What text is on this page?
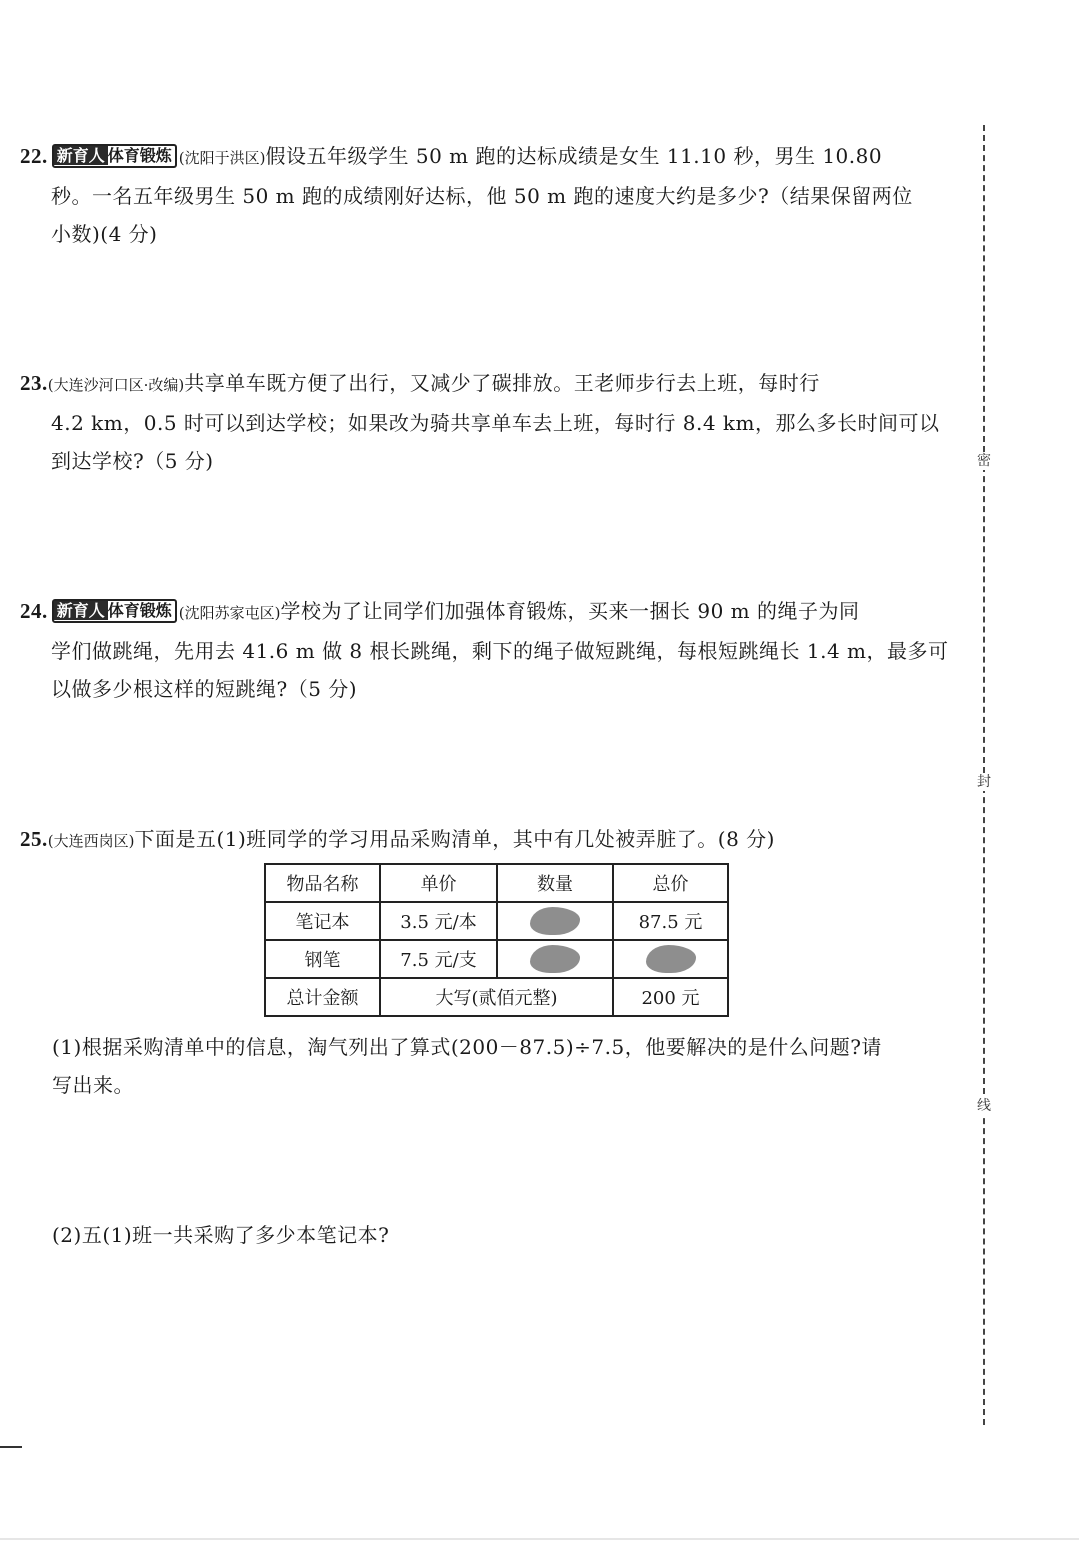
22. 新育人 体育锻炼 (沈阳于洪区)假设五年级学生 50 m 跑的达标成绩是女生 11.10 秒，男生 10.80
秒。一名五年级男生 50 m 跑的成绩刚好达标，他 50 m 跑的速度大约是多少?（结果保留两位
小数)(4 分)
23.(大连沙河口区·改编)共享单车既方便了出行，又减少了碳排放。王老师步行去上班，每时行
4.2 km，0.5 时可以到达学校；如果改为骑共享单车去上班，每时行 8.4 km，那么多长时间可以
到达学校?（5 分)
24. 新育人 体育锻炼 (沈阳苏家屯区)学校为了让同学们加强体育锻炼，买来一捆长 90 m 的绳子为同
学们做跳绳，先用去 41.6 m 做 8 根长跳绳，剩下的绳子做短跳绳，每根短跳绳长 1.4 m，最多可
以做多少根这样的短跳绳?（5 分)
25.(大连西岗区)下面是五(1)班同学的学习用品采购清单，其中有几处被弄脏了。(8 分)
物品名称	单价	数量	总价
笔记本	3.5 元/本		87.5 元
钢笔	7.5 元/支		
总计金额	大写(贰佰元整)		200 元
(1)根据采购清单中的信息，淘气列出了算式(200－87.5)÷7.5，他要解决的是什么问题?请
写出来。
(2)五(1)班一共采购了多少本笔记本?
密
封
线
